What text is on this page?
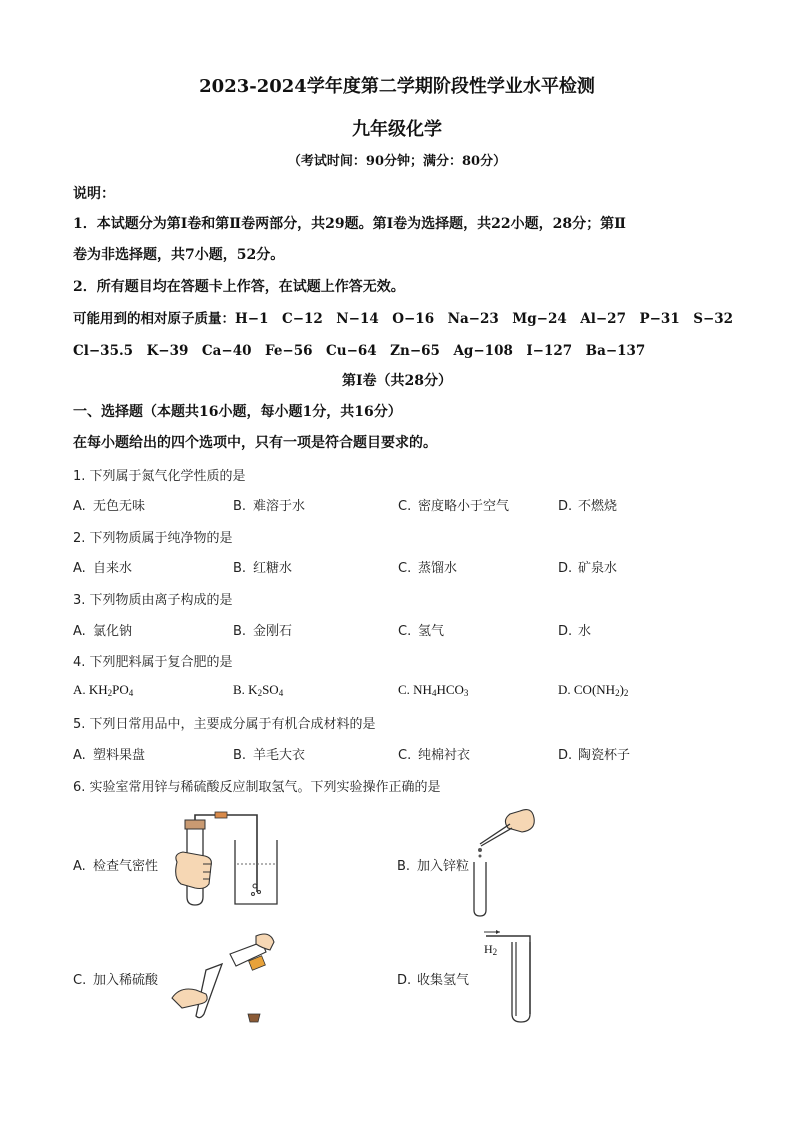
2023-2024学年度第二学期阶段性学业水平检测
九年级化学
（考试时间：90分钟；满分：80分）
说明：
1．本试题分为第Ⅰ卷和第Ⅱ卷两部分，共29题。第Ⅰ卷为选择题，共22小题，28分；第Ⅱ
卷为非选择题，共7小题，52分。
2．所有题目均在答题卡上作答，在试题上作答无效。
可能用到的相对原子质量：H−1　C−12　N−14　O−16　Na−23　Mg−24　Al−27　P−31　S−32
Cl−35.5　K−39　Ca−40　Fe−56　Cu−64　Zn−65　Ag−108　I−127　Ba−137
第Ⅰ卷（共28分）
一、选择题（本题共16小题，每小题1分，共16分）
在每小题给出的四个选项中，只有一项是符合题目要求的。
1. 下列属于氮气化学性质的是
A. 无色无味	B. 难溶于水	C. 密度略小于空气	D. 不燃烧
2. 下列物质属于纯净物的是
A. 自来水	B. 红糖水	C. 蒸馏水	D. 矿泉水
3. 下列物质由离子构成的是
A. 氯化钠	B. 金刚石	C. 氢气	D. 水
4. 下列肥料属于复合肥的是
A. $KH_2PO_4$	B. $K_2SO_4$	C. $NH_4HCO_3$	D. $CO(NH_2)_2$
5. 下列日常用品中，主要成分属于有机合成材料的是
A. 塑料果盘	B. 羊毛大衣	C. 纯棉衬衣	D. 陶瓷杯子
6. 实验室常用锌与稀硫酸反应制取氢气。下列实验操作正确的是
A. 检查气密性	B. 加入锌粒
C. 加入稀硫酸	D. 收集氢气
$H_2$
